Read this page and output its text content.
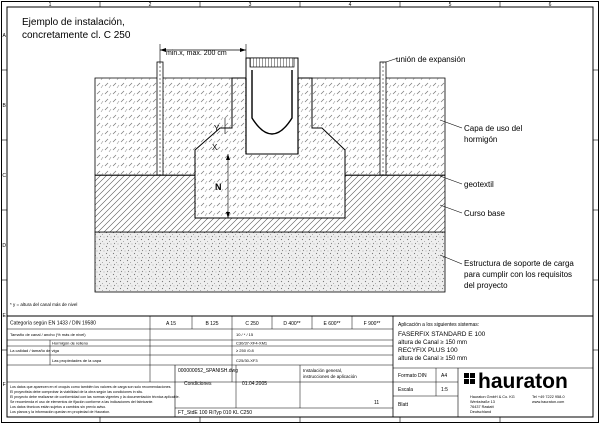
1	2	3	4	5	6
A
B
C
D
E
F
Ejemplo de instalación,
concretamente cl. C 250
min.x, max. 200 cm
N
X
Y
unión de expansión
Capa de uso del
hormigón
geotextil
Curso base
Estructura de soporte de carga
para cumplir con los requisitos
del proyecto
* y = altura del canal más de nivel
Categoría según EN 1433 / DIN 19580	A 15	B 125	C 250	D 400**	E 600**	F 900**
Tamaño de canal / ancho (% más de nivel)	10 / * / 15
Hormigón de relleno	C30/37-XF4-XM1
La calidad / tamaño de viga	≥ 250 /0.8
Las propiedades de la capa	C25/30-XF3
Condiciones	01.04.2005
000000052_SPANISH.dwg	Instalación general,
instrucciones de aplicación
11
FT_StdE 100 RiTyp 010 KL C250
Los datos que aparecen en el croquis como también los valores de carga son solo recomendaciones.
El proyectista debe comprobar la viabilidad de la obra según las condiciones in situ.
El proyecto debe realizarse de conformidad con las normas vigentes y la documentación técnica aplicable.
Se recomienda el uso de elementos de fijación conforme a las indicaciones del fabricante.
Los datos técnicos están sujetos a cambios sin previo aviso.
Los planos y la información quedan en propiedad de Hauraton.
Aplicación a los siguientes sistemas:
FASERFIX STANDARD E 100
altura de Canal ≥ 150 mm
RECYFIX PLUS 100
altura de Canal ≥ 150 mm
Formato DIN	A4
Escala	1:5
Blatt
hauraton
Hauraton GmbH & Co. KG
Werkstraße 13
76437 Rastatt
Deutschland
Tel +49 7222 958-0
www.hauraton.com
